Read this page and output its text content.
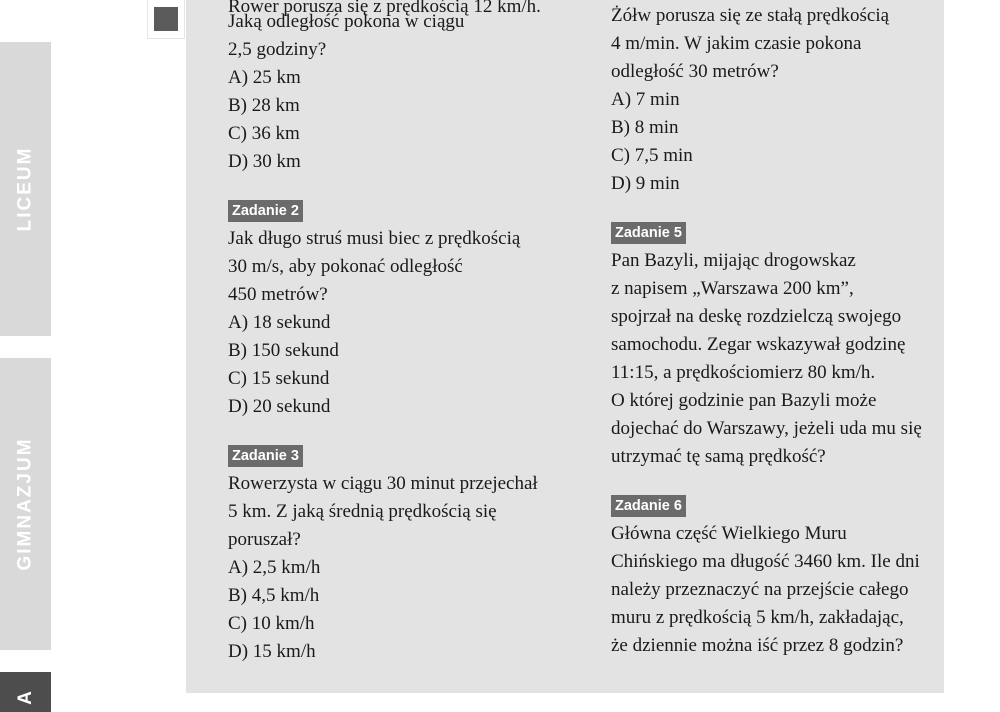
LICEUM
GIMNAZJUM
A
Rower porusza się z prędkością 12 km/h.
Jaką odległość pokona w ciągu
2,5 godziny?
A) 25 km
B) 28 km
C) 36 km
D) 30 km
Zadanie 2
Jak długo struś musi biec z prędkością
30 m/s, aby pokonać odległość
450 metrów?
A) 18 sekund
B) 150 sekund
C) 15 sekund
D) 20 sekund
Zadanie 3
Rowerzysta w ciągu 30 minut przejechał
5 km. Z jaką średnią prędkością się
poruszał?
A) 2,5 km/h
B) 4,5 km/h
C) 10 km/h
D) 15 km/h
Żółw porusza się ze stałą prędkością
4 m/min. W jakim czasie pokona
odległość 30 metrów?
A) 7 min
B) 8 min
C) 7,5 min
D) 9 min
Zadanie 5
Pan Bazyli, mijając drogowskaz
z napisem „Warszawa 200 km”,
spojrzał na deskę rozdzielczą swojego
samochodu. Zegar wskazywał godzinę
11:15, a prędkościomierz 80 km/h.
O której godzinie pan Bazyli może
dojechać do Warszawy, jeżeli uda mu się
utrzymać tę samą prędkość?
Zadanie 6
Główna część Wielkiego Muru
Chińskiego ma długość 3460 km. Ile dni
należy przeznaczyć na przejście całego
muru z prędkością 5 km/h, zakładając,
że dziennie można iść przez 8 godzin?
